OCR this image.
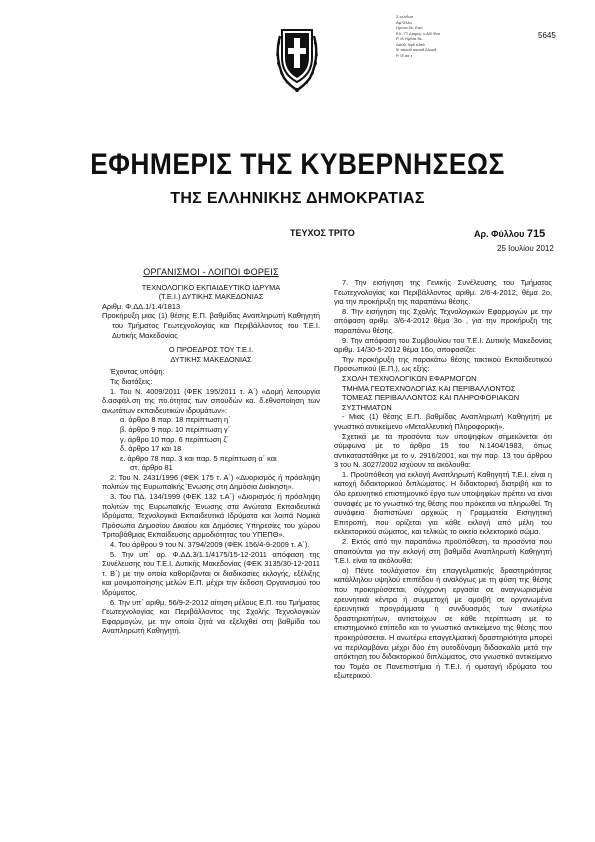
Σ ςελιδοσ
Αφ.Φλλο
Ημ/νια δκ. Εσύ
ΕΛ. ΓΤ Διαμεγ. υ ΑΘ Φέκ
Ρ. Ιδ Ημ/νια δκ.
Διεύθ. δφδ Αθτθ
Ψ ααοοθ ααοοθ Δλοοθ
Ρ. Ιδ αα τ
5645
ΕΦΗΜΕΡΙΣ ΤΗΣ ΚΥΒΕΡΝΗΣΕΩΣ
ΤΗΣ ΕΛΛΗΝΙΚΗΣ ΔΗΜΟΚΡΑΤΙΑΣ
ΤΕΥΧΟΣ ΤΡΙΤΟ	Αρ. Φύλλου 715
25 Ιουλίου 2012

ΟΡΓΑΝΙΣΜΟΙ - ΛΟΙΠΟΙ ΦΟΡΕΙΣ

ΤΕΧΝΟΛΟΓΙΚΟ ΕΚΠΑΙΔΕΥΤΙΚΟ ΙΔΡΥΜΑ

(Τ.Ε.Ι.) ΔΥΤΙΚΗΣ ΜΑΚΕΔΟΝΙΑΣ

Αριθμ. Φ.ΔΔ.1/1.4/1813

Προκήρυξη μιας (1) θέσης Ε.Π. βαθμίδας Αναπληρωτή Καθηγητή του Τμήματος Γεωτεχνολογίας και Περιβάλλοντος του Τ.Ε.Ι. Δυτικής Μακεδονίας

Ο ΠΡΟΕΔΡΟΣ ΤΟΥ Τ.Ε.Ι.

ΔΥΤΙΚΗΣ ΜΑΚΕΔΟΝΙΑΣ

Έχοντας υπόψη:

Τις διατάξεις:

1. Του Ν. 4009/2011 (ΦΕΚ 195/2011 τ. Α΄) «Δομή λειτουργία δ.ασφάλ.ση της πο.ότητας των σπουδών κα. δ.εθνοποίηση των ανωτάτων εκπαιδευτικών ιδρυμάτων»:

α. άρθρο 8 παρ. 18 περίπτωση η΄

β. άρθρο 9 παρ. 10 περίπτωση γ΄

γ. άρθρο 10 παρ. 6 περίπτωση ζ΄

δ. άρθρο 17 και 18

ε. άρθρο 78 παρ. 3 και παρ. 5 περίπτωση α΄ και

στ. άρθρο 81

2. Του Ν. 2431/1996 (ΦΕΚ 175 τ. Α΄) «Δυορισμός ή πρόσληψη πολιτών της Ευρωπαϊκής Ένωσης στη Δημόσια Διοίκηση».

3. Του ΠΔ. 134/1999 (ΦΕΚ 132 τ.Α΄) «Διορισμός ή πρόσληψη πολιτών της Ευρωπαϊκής Ένωσης στα Ανώτατα Εκπαιδευτικά Ιδρύματα, Τεχνολογικά Εκπαιδευτικά Ιδρύματα και λοιπά Νομικά Πρόσωπα Δημοσίου Δικαίου και Δημόσιες Υπηρεσίες του χώρου Τριτοβάθμιας Εκπαίδευσης αρμοδιότητας του ΥΠΕΠΘ».

4. Του άρθρου 9 του Ν. 3794/2009 (ΦΕΚ 156/4-9-2009 τ. Α΄).

5. Την υπ΄ αρ. Φ.ΔΔ.3/1.1/4175/15-12-2011 απόφαση της Συνέλευσης του Τ.Ε.Ι. Δυτικής Μακεδονίας (ΦΕΚ 3135/30-12-2011 τ. Β΄) με την οποία καθορίζονται οι διαδικασίες εκλογής, εξέλιξης και μονιμοποίησης μελών Ε.Π. μέχρι την έκδοση Οργανισμού του Ιδρύματος.

6. Την υπ΄ αριθμ. 56/9-2-2012 αίτηση μέλους Ε.Π. του Τμήματος Γεωτεχνολογίας και Περιβάλλοντος της Σχολής Τεχνολογικών Εφαρμογών, με την οποία ζητά να εξελιχθεί στη βαθμίδα του Αναπληρωτή Καθηγητή.

7. Την εισήγηση της Γενικής Συνέλευσης του Τμήματος Γεωτεχνολογίας και Περιβάλλοντος αριθμ. 2/6-4-2012, θέμα 2ο, για την προκήρυξη της παραπάνω θέσης.

8. Την εισήγηση της Σχολής Τεχνολογικών Εφαρμογών με την απόφαση αριθμ. 3/6-4-2012 θέμα 3ο , για την προκήρυξη της παραπάνω θέσης.

9. Την απόφαση του Συμβουλίου του Τ.Ε.Ι. Δυτικής Μακεδονίας αριθμ. 14/30-5-2012 θέμα 16ο, αποφασίζει:

Την προκήρυξη της παρακάτω θέσης τακτικού Εκπαιδευτικού Προσωπικού (Ε.Π.), ως εξής:

ΣΧΟΛΗ ΤΕΧΝΟΛΟΓΙΚΩΝ ΕΦΑΡΜΟΓΩΝ

ΤΜΗΜΑ ΓΕΩΤΕΧΝΟΛΟΓΙΑΣ ΚΑΙ ΠΕΡΙΒΑΛΛΟΝΤΟΣ

ΤΟΜΕΑΣ ΠΕΡΙΒΑΛΛΟΝΤΟΣ ΚΑΙ ΠΛΗΡΟΦΟΡΙΑΚΩΝ

ΣΥΣΤΗΜΑΤΩΝ

- Μιας (1) θέσης Ε.Π. βαθμίδας Αναπληρωτή Καθηγητή με γνωστικό αντικείμενο «Μεταλλευτική Πληροφορική».

Σχετικά με τα προσόντα των υποψηφίων σημειώνεται ότι σύμφωνα με το άρθρο 15 του Ν.1404/1983, όπως αντικαταστάθηκε με το ν. 2916/2001, και την παρ. 13 του άρθρου 3 του Ν. 3027/2002 ισχύουν τα ακόλουθα:

1. Προϋπόθεση για εκλογή Αναπληρωτή Καθηγητή Τ.Ε.Ι. είναι η κατοχή διδακτορικού διπλώματος. Η διδακτορική διατριβή και το όλο ερευνητικό επιστημονικό έργο των υποψηφίων πρέπει να είναι συναφές με το γνωστικό της θέσης που πρόκειται να πληρωθεί. Τη συνάφεια διαπιστώνει αρχικώς η Γραμματεία Εισηγητική Επιτροπή, που ορίζεται για κάθε εκλογή από μέλη του εκλεκτορικού σώματος, και τελικώς το οικείο εκλεκτορικό σώμα.

2. Εκτός από την παραπάνω προϋπόθεση, τα προσόντα που απαιτούνται για την εκλογή στη βαθμίδα Αναπληρωτή Καθηγητή Τ.Ε.Ι. είναι τα ακόλουθα:

α) Πέντε τουλάχιστον έτη επαγγελματικής δραστηριότητας κατάλληλου υψηλού επιπέδου ή αναλόγως με τη φύση της θέσης που προκηρύσσεται, σύγχρονη εργασία σε αναγνωρισμένα ερευνητικά κέντρα ή συμμετοχή με αμοιβή σε οργανωμένα έρευνητικά προγράμματα ή συνδυασμός των ανωτέρω δραστηριοτήτων, αντιστοίχων σε κάθε περίπτωση με το επιστημονικό επίπεδο και το γνωστικό αντικείμενο της θέσης που προκηρύσσεται. Η ανωτέρω επαγγελματική δραστηριότητα μπορεί να περιλαμβάνει μέχρι δύο έτη αυτοδύναμη διδασκαλία μετά την απόκτηση του διδακτορικού διπλώματος, στο γνωστικό αντικείμενο του Τομέα σε Πανεπιστήμια ή Τ.Ε.Ι. ή ομοταγή ιδρύματα του εξωτερικού.
